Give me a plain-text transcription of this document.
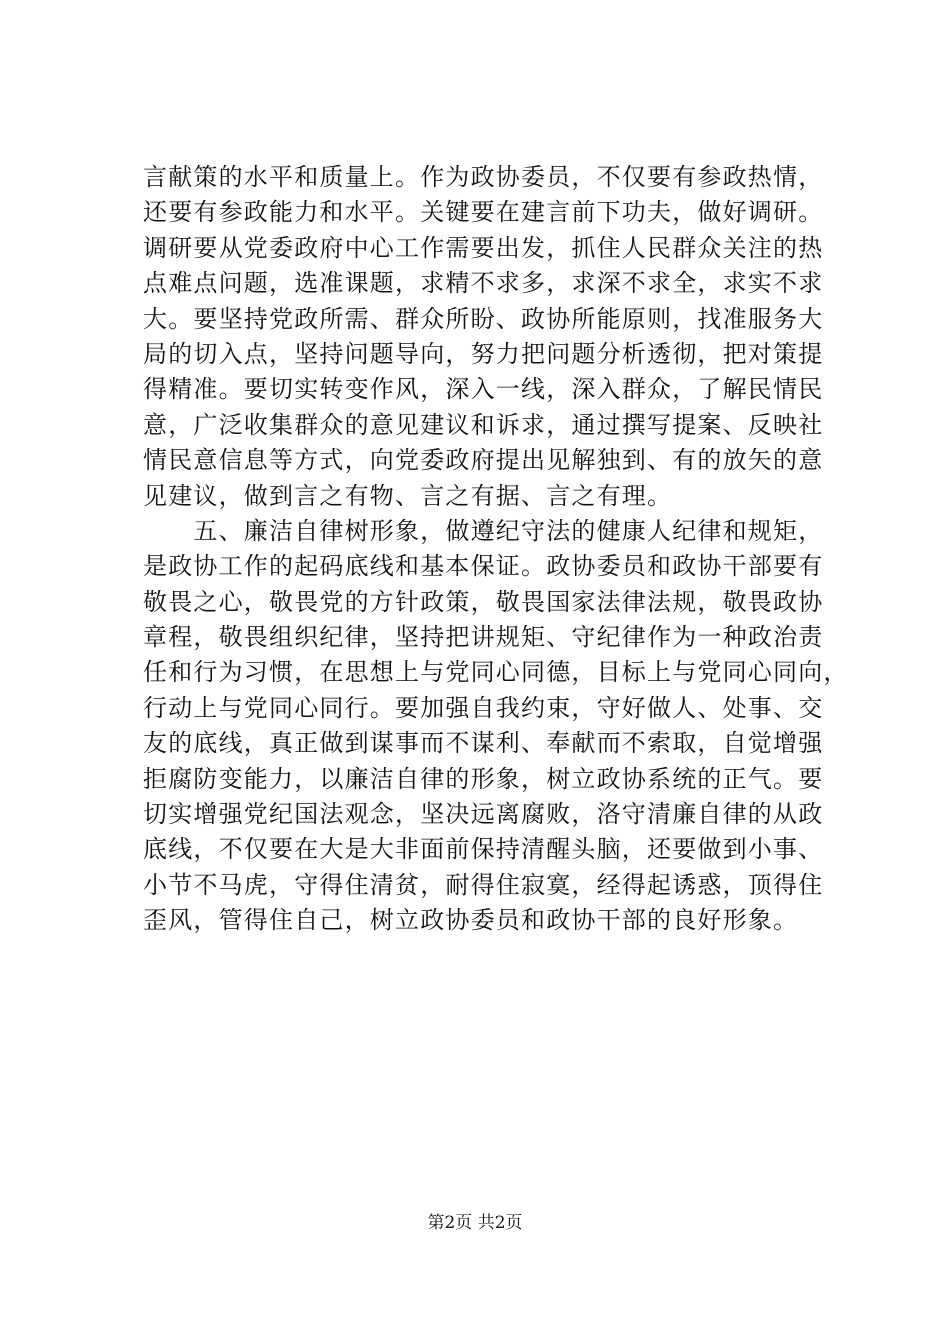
言献策的水平和质量上。作为政协委员，不仅要有参政热情，
还要有参政能力和水平。关键要在建言前下功夫，做好调研。
调研要从党委政府中心工作需要出发，抓住人民群众关注的热
点难点问题，选准课题，求精不求多，求深不求全，求实不求
大。要坚持党政所需、群众所盼、政协所能原则，找准服务大
局的切入点，坚持问题导向，努力把问题分析透彻，把对策提
得精准。要切实转变作风，深入一线，深入群众，了解民情民
意，广泛收集群众的意见建议和诉求，通过撰写提案、反映社
情民意信息等方式，向党委政府提出见解独到、有的放矢的意
见建议，做到言之有物、言之有据、言之有理。
　　五、廉洁自律树形象，做遵纪守法的健康人纪律和规矩，
是政协工作的起码底线和基本保证。政协委员和政协干部要有
敬畏之心，敬畏党的方针政策，敬畏国家法律法规，敬畏政协
章程，敬畏组织纪律，坚持把讲规矩、守纪律作为一种政治责
任和行为习惯，在思想上与党同心同德，目标上与党同心同向，
行动上与党同心同行。要加强自我约束，守好做人、处事、交
友的底线，真正做到谋事而不谋利、奉献而不索取，自觉增强
拒腐防变能力，以廉洁自律的形象，树立政协系统的正气。要
切实增强党纪国法观念，坚决远离腐败，洛守清廉自律的从政
底线，不仅要在大是大非面前保持清醒头脑，还要做到小事、
小节不马虎，守得住清贫，耐得住寂寞，经得起诱惑，顶得住
歪风，管得住自己，树立政协委员和政协干部的良好形象。
第2页 共2页
